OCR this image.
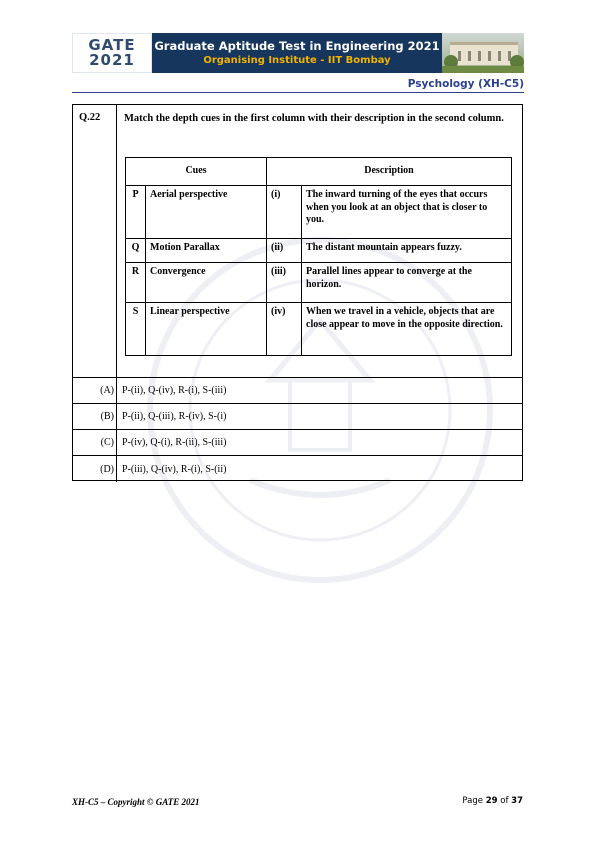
GATE
2021
Graduate Aptitude Test in Engineering 2021
Organising Institute - IIT Bombay
Psychology (XH-C5)
Q.22 Match the depth cues in the first column with their description in the second column.
Cues		Description	
P	Aerial perspective	(i)	The inward turning of the eyes that occurs when you look at an object that is closer to you.
Q	Motion Parallax	(ii)	The distant mountain appears fuzzy.
R	Convergence	(iii)	Parallel lines appear to converge at the horizon.
S	Linear perspective	(iv)	When we travel in a vehicle, objects that are close appear to move in the opposite direction.
(A) P-(ii), Q-(iv), R-(i), S-(iii)
(B) P-(ii), Q-(iii), R-(iv), S-(i)
(C) P-(iv), Q-(i), R-(ii), S-(iii)
(D) P-(iii), Q-(iv), R-(i), S-(ii)
XH-C5 – Copyright © GATE 2021	Page 29 of 37
